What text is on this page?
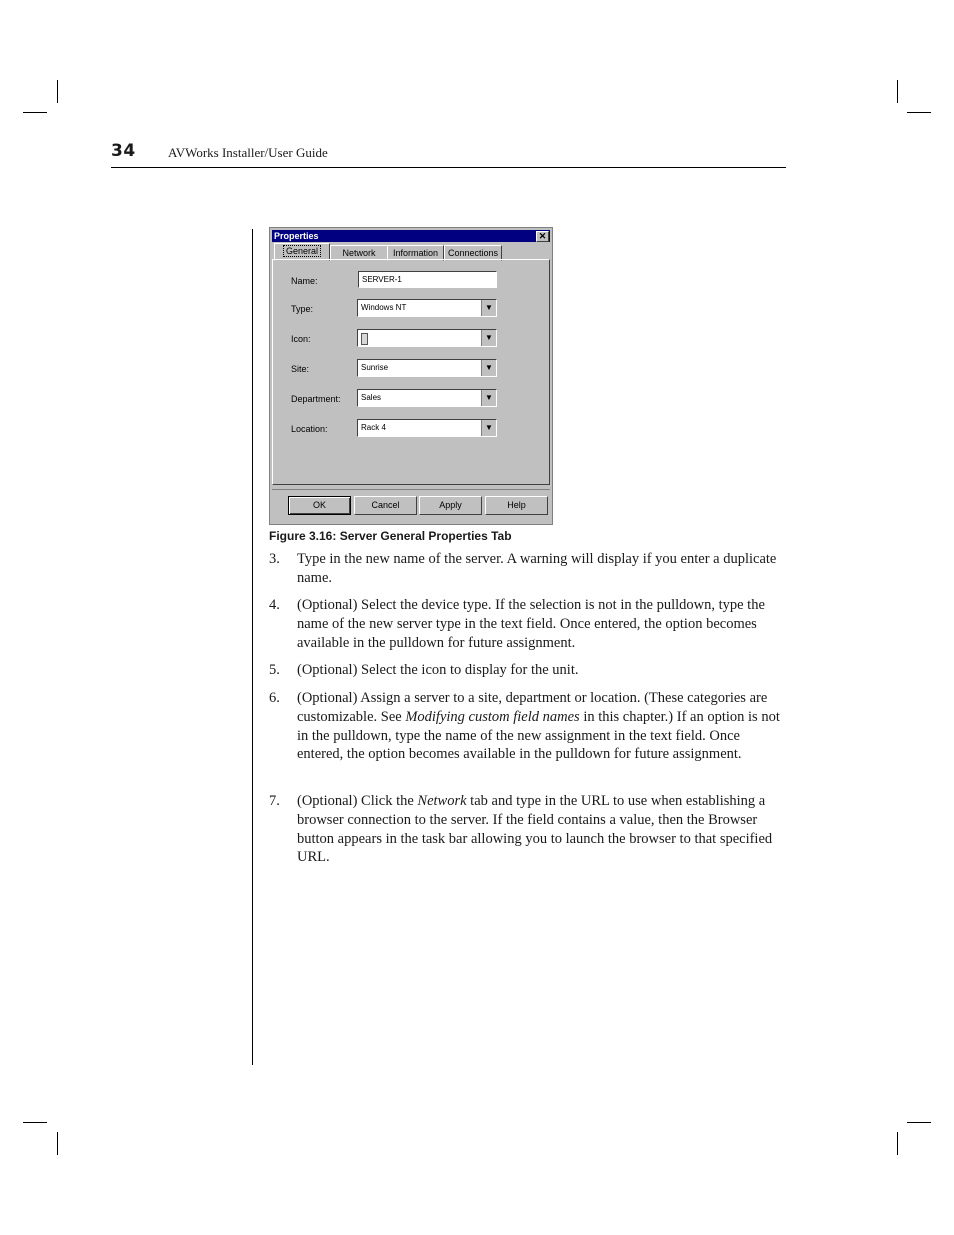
34 AVWorks Installer/User Guide
Properties	✕
General	Network	Information	Connections
Name:	SERVER-1
Type:	Windows NT	▼
Icon:	▼
Site:	Sunrise	▼
Department:	Sales	▼
Location:	Rack 4	▼
OK	Cancel	Apply	Help
Figure 3.16: Server General Properties Tab
3. Type in the new name of the server. A warning will display if you enter a duplicate name.
4. (Optional) Select the device type. If the selection is not in the pulldown, type the name of the new server type in the text field. Once entered, the option becomes available in the pulldown for future assignment.
5. (Optional) Select the icon to display for the unit.
6. (Optional) Assign a server to a site, department or location. (These categories are customizable. See Modifying custom field names in this chapter.) If an option is not in the pulldown, type the name of the new assignment in the text field. Once entered, the option becomes available in the pulldown for future assignment.
7. (Optional) Click the Network tab and type in the URL to use when establishing a browser connection to the server. If the field contains a value, then the Browser button appears in the task bar allowing you to launch the browser to that specified URL.
